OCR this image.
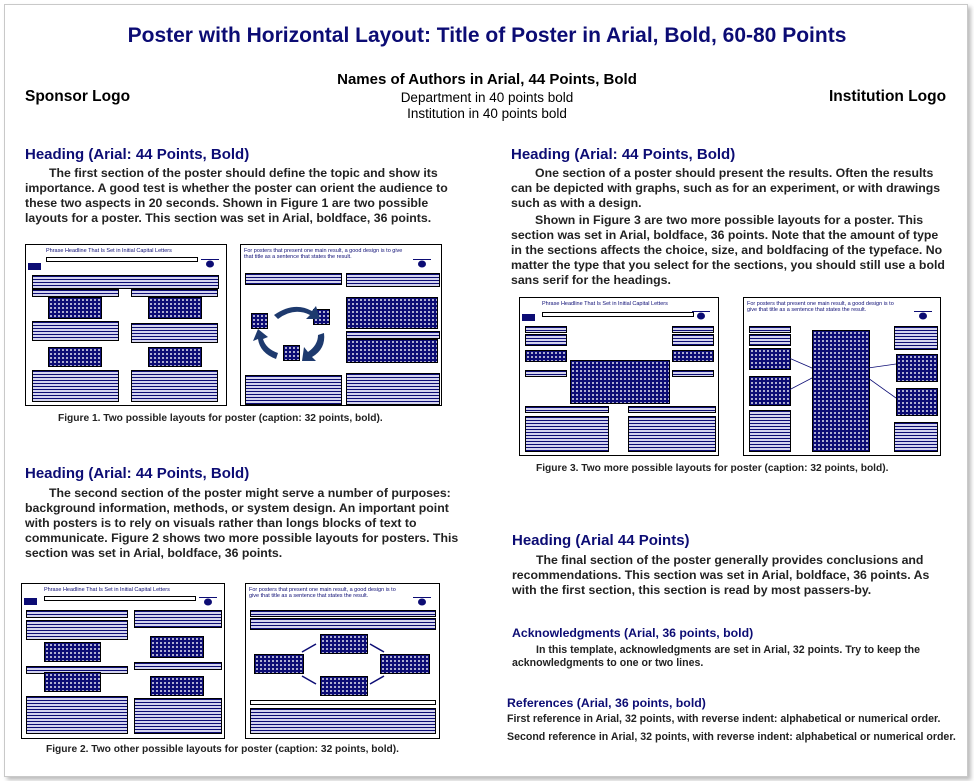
Poster with Horizontal Layout: Title of Poster in Arial, Bold, 60-80 Points
Names of Authors in Arial, 44 Points, Bold
Department in 40 points bold
Institution in 40 points bold
Sponsor Logo	Institution Logo
Heading (Arial: 44 Points, Bold)
The first section of the poster should define the topic and show its importance. A good test is whether the poster can orient the audience to these two aspects in 20 seconds. Shown in Figure 1 are two possible layouts for a poster. This section was set in Arial, boldface, 36 points.
Phrase Headline That Is Set in Initial Capital Letters	For posters that present one main result, a good design is to give that title as a sentence that states the result.
Figure 1. Two possible layouts for poster (caption: 32 points, bold).
Heading (Arial: 44 Points, Bold)
The second section of the poster might serve a number of purposes: background information, methods, or system design. An important point with posters is to rely on visuals rather than longs blocks of text to communicate. Figure 2 shows two more possible layouts for posters. This section was set in Arial, boldface, 36 points.
Phrase Headline That Is Set in Initial Capital Letters	For posters that present one main result, a good design is to give that title as a sentence that states the result.
Figure 2. Two other possible layouts for poster (caption: 32 points, bold).
Heading (Arial: 44 Points, Bold)
One section of a poster should present the results. Often the results can be depicted with graphs, such as for an experiment, or with drawings such as with a design.
Shown in Figure 3 are two more possible layouts for a poster. This section was set in Arial, boldface, 36 points. Note that the amount of type in the sections affects the choice, size, and boldfacing of the typeface. No matter the type that you select for the sections, you should still use a bold sans serif for the headings.
Phrase Headline That Is Set in Initial Capital Letters	For posters that present one main result, a good design is to give that title as a sentence that states the result.
Figure 3. Two more possible layouts for poster (caption: 32 points, bold).
Heading (Arial 44 Points)
The final section of the poster generally provides conclusions and recommendations. This section was set in Arial, boldface, 36 points. As with the first section, this section is read by most passers-by.
Acknowledgments (Arial, 36 points, bold)
In this template, acknowledgments are set in Arial, 32 points. Try to keep the acknowledgments to one or two lines.
References (Arial, 36 points, bold)
First reference in Arial, 32 points, with reverse indent: alphabetical or numerical order.
Second reference in Arial, 32 points, with reverse indent: alphabetical or numerical order.
